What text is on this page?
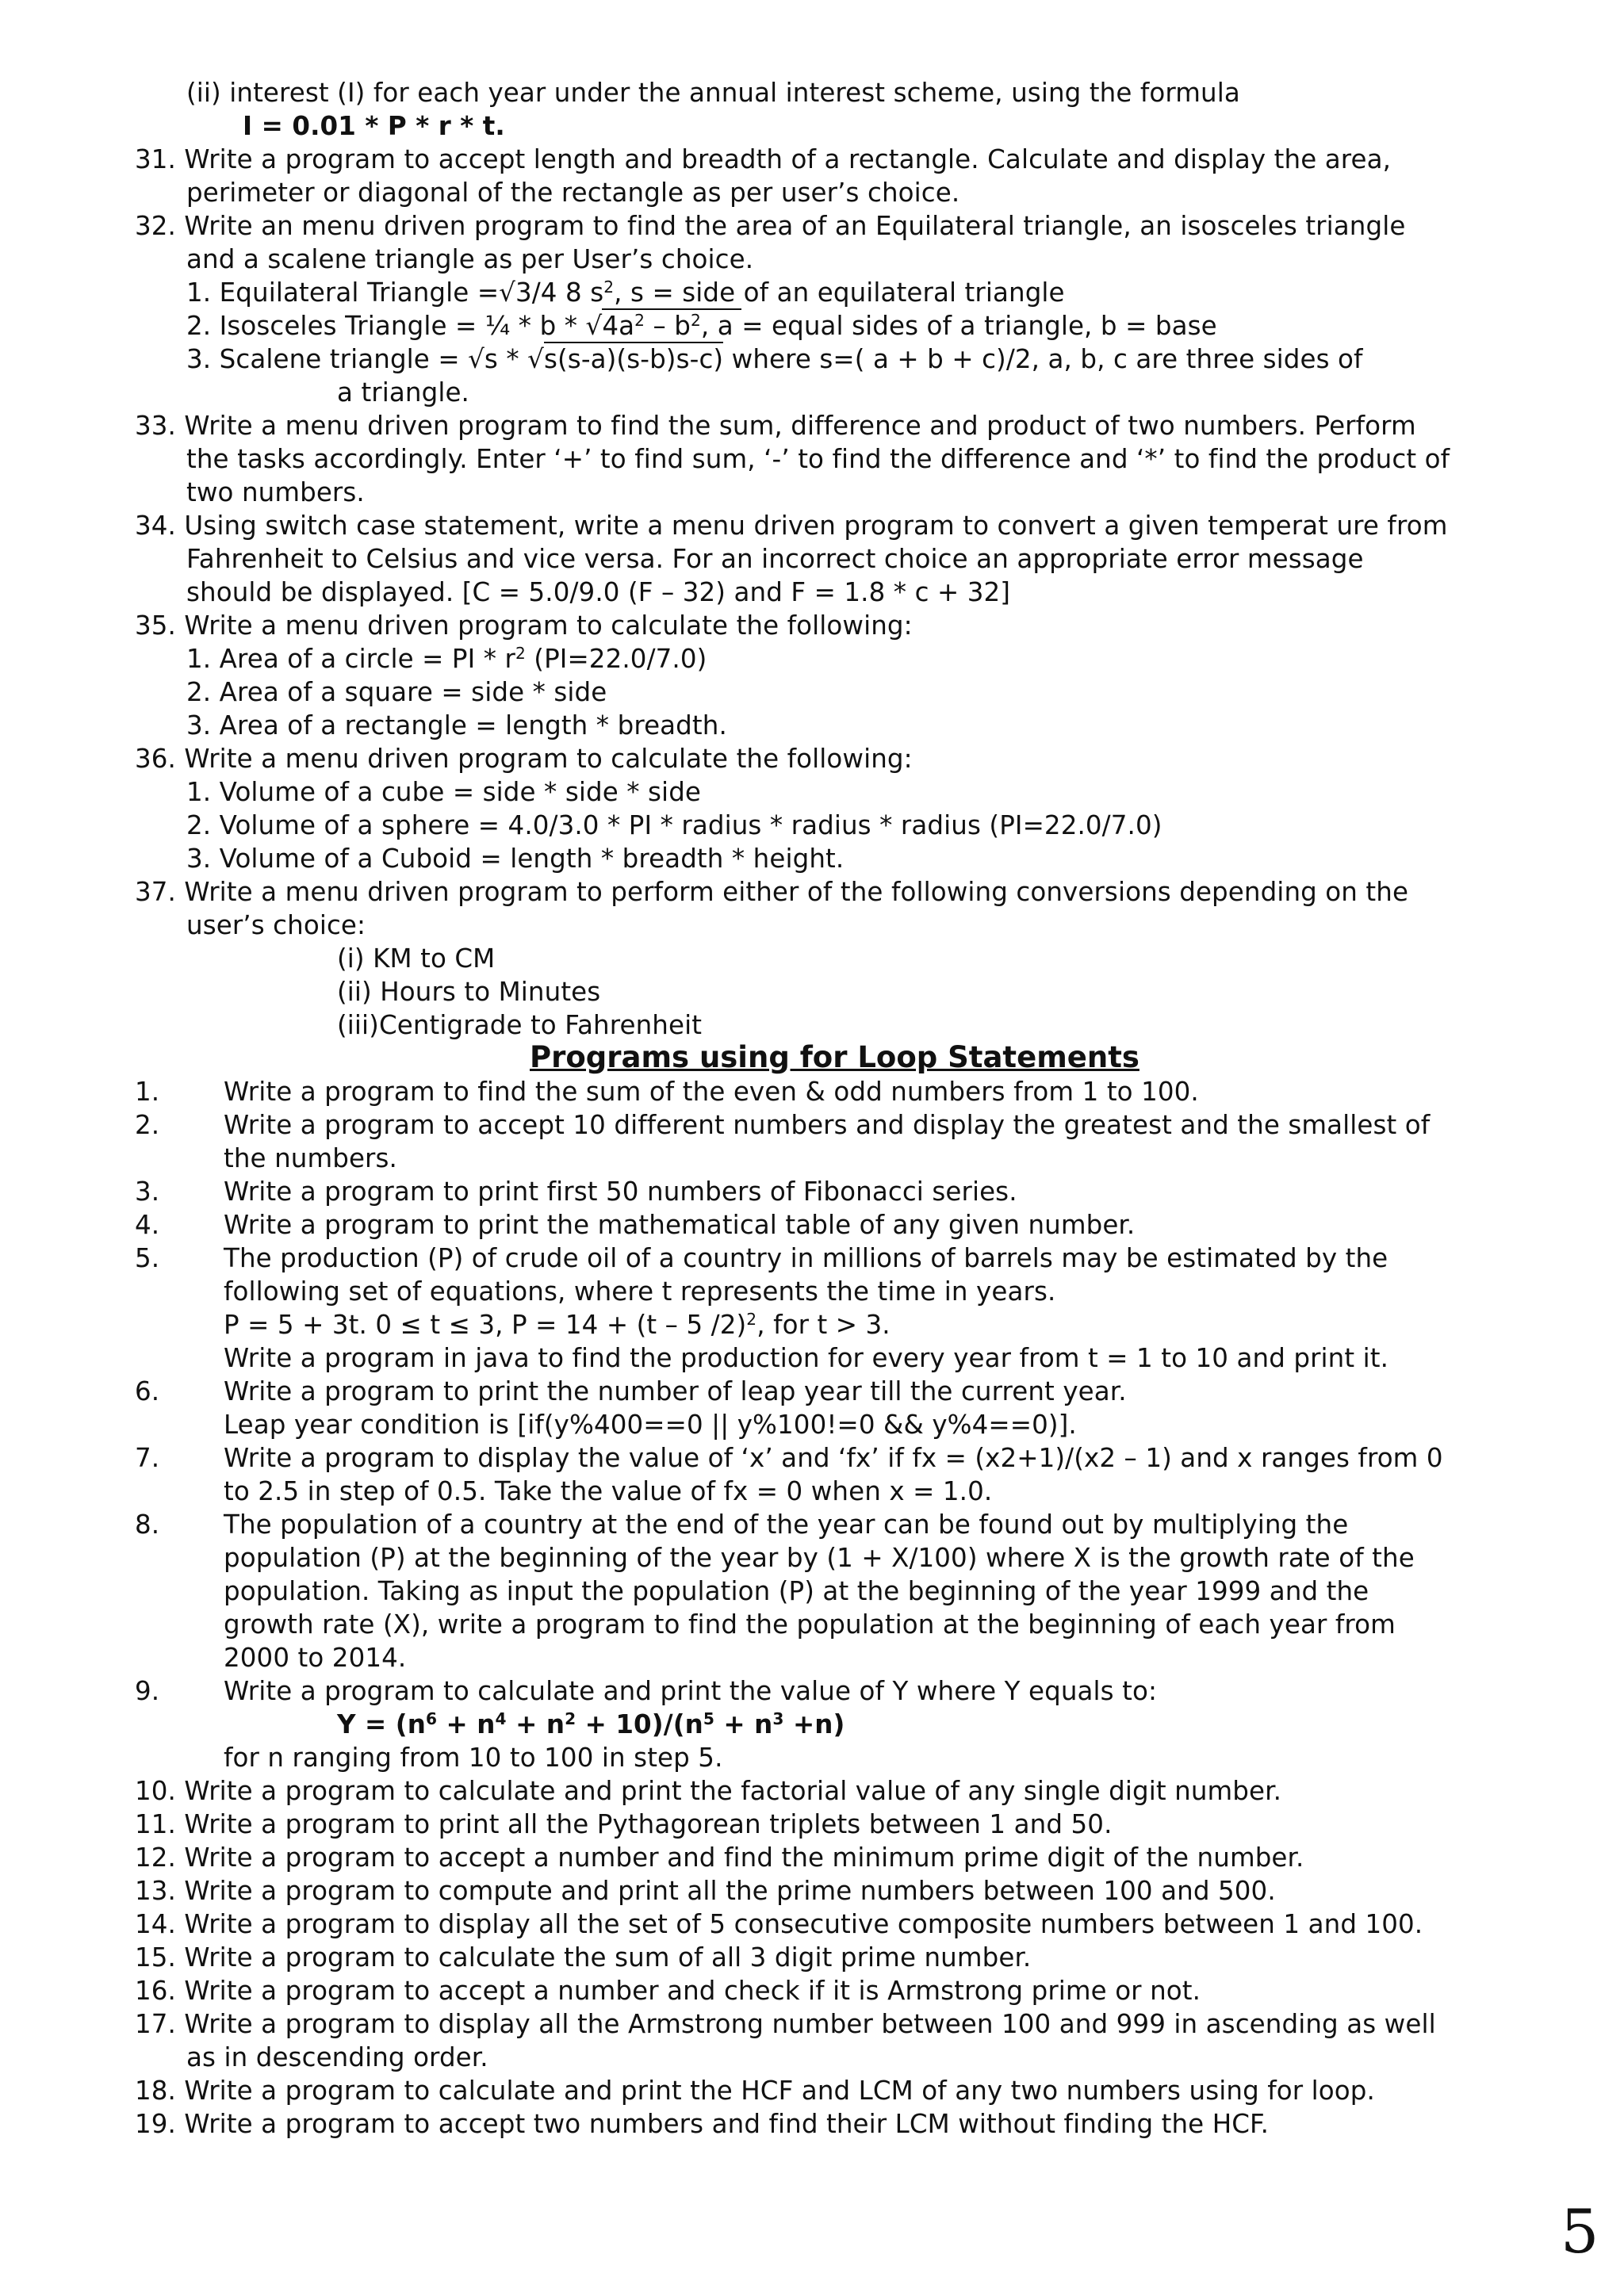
(ii) interest (I) for each year under the annual interest scheme, using the formula
I = 0.01 * P * r * t.
31. Write a program to accept length and breadth of a rectangle. Calculate and display the area,
perimeter or diagonal of the rectangle as per user’s choice.
32. Write an menu driven program to find the area of an Equilateral triangle, an isosceles triangle
and a scalene triangle as per User’s choice.
1. Equilateral Triangle =√3/4 8 $s^2$, s = side of an equilateral triangle
2. Isosceles Triangle = ¼ * b * $√4a^2 - b^2$, a = equal sides of a triangle, b = base
3. Scalene triangle = √s * √s(s-a)(s-b)s-c) where s=( a + b + c)/2, a, b, c are three sides of
a triangle.
33. Write a menu driven program to find the sum, difference and product of two numbers. Perform
the tasks accordingly. Enter ‘+’ to find sum, ‘-’ to find the difference and ‘*’ to find the product of
two numbers.
34. Using switch case statement, write a menu driven program to convert a given temperat ure from
Fahrenheit to Celsius and vice versa. For an incorrect choice an appropriate error message
should be displayed. [C = 5.0/9.0 (F – 32) and F = 1.8 * c + 32]
35. Write a menu driven program to calculate the following:
1. Area of a circle = PI * $r^2$ (PI=22.0/7.0)
2. Area of a square = side * side
3. Area of a rectangle = length * breadth.
36. Write a menu driven program to calculate the following:
1. Volume of a cube = side * side * side
2. Volume of a sphere = 4.0/3.0 * PI * radius * radius * radius (PI=22.0/7.0)
3. Volume of a Cuboid = length * breadth * height.
37. Write a menu driven program to perform either of the following conversions depending on the
user’s choice:
(i) KM to CM
(ii) Hours to Minutes
(iii)Centigrade to Fahrenheit
Programs using for Loop Statements
1. Write a program to find the sum of the even & odd numbers from 1 to 100.
2. Write a program to accept 10 different numbers and display the greatest and the smallest of
the numbers.
3. Write a program to print first 50 numbers of Fibonacci series.
4. Write a program to print the mathematical table of any given number.
5. The production (P) of crude oil of a country in millions of barrels may be estimated by the
following set of equations, where t represents the time in years.
P = 5 + 3t. 0 ≤ t ≤ 3, P = 14 + (t – 5 /2)$^2$, for t > 3.
Write a program in java to find the production for every year from t = 1 to 10 and print it.
6. Write a program to print the number of leap year till the current year.
Leap year condition is [if(y%400==0 || y%100!=0 && y%4==0)].
7. Write a program to display the value of ‘x’ and ‘fx’ if fx = (x2+1)/(x2 – 1) and x ranges from 0
to 2.5 in step of 0.5. Take the value of fx = 0 when x = 1.0.
8. The population of a country at the end of the year can be found out by multiplying the
population (P) at the beginning of the year by (1 + X/100) where X is the growth rate of the
population. Taking as input the population (P) at the beginning of the year 1999 and the
growth rate (X), write a program to find the population at the beginning of each year from
2000 to 2014.
9. Write a program to calculate and print the value of Y where Y equals to:
$Y = (n^6 + n^4 + n^2 + 10)/(n^5 + n^3 +n)$
for n ranging from 10 to 100 in step 5.
10. Write a program to calculate and print the factorial value of any single digit number.
11. Write a program to print all the Pythagorean triplets between 1 and 50.
12. Write a program to accept a number and find the minimum prime digit of the number.
13. Write a program to compute and print all the prime numbers between 100 and 500.
14. Write a program to display all the set of 5 consecutive composite numbers between 1 and 100.
15. Write a program to calculate the sum of all 3 digit prime number.
16. Write a program to accept a number and check if it is Armstrong prime or not.
17. Write a program to display all the Armstrong number between 100 and 999 in ascending as well
as in descending order.
18. Write a program to calculate and print the HCF and LCM of any two numbers using for loop.
19. Write a program to accept two numbers and find their LCM without finding the HCF.
5
